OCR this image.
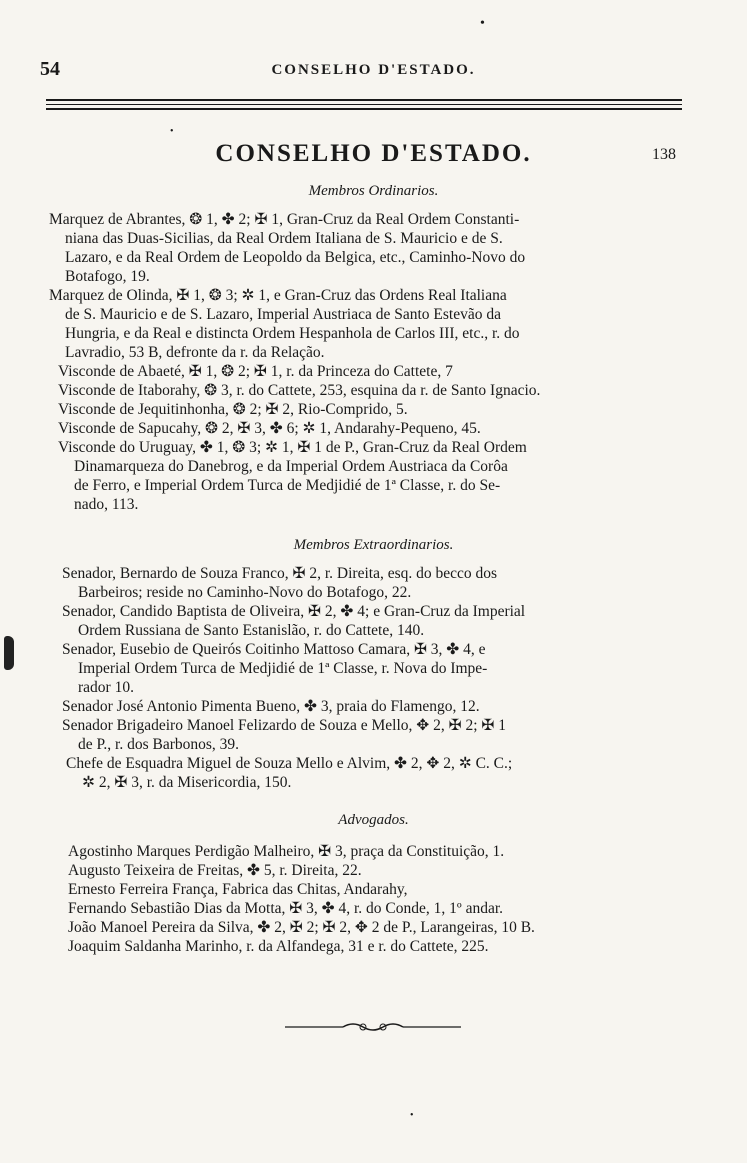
54	CONSELHO D'ESTADO.
•
•
CONSELHO D'ESTADO.	138
Membros Ordinarios.
Marquez de Abrantes, ❂ 1, ✤ 2; ✠ 1, Gran-Cruz da Real Ordem Constanti-
niana das Duas-Sicilias, da Real Ordem Italiana de S. Mauricio e de S.
Lazaro, e da Real Ordem de Leopoldo da Belgica, etc., Caminho-Novo do
Botafogo, 19.
Marquez de Olinda, ✠ 1, ❂ 3; ✲ 1, e Gran-Cruz das Ordens Real Italiana
de S. Mauricio e de S. Lazaro, Imperial Austriaca de Santo Estevão da
Hungria, e da Real e distincta Ordem Hespanhola de Carlos III, etc., r. do
Lavradio, 53 B, defronte da r. da Relação.
Visconde de Abaeté, ✠ 1, ❂ 2; ✠ 1, r. da Princeza do Cattete, 7
Visconde de Itaborahy, ❂ 3, r. do Cattete, 253, esquina da r. de Santo Ignacio.
Visconde de Jequitinhonha, ❂ 2; ✠ 2, Rio-Comprido, 5.
Visconde de Sapucahy, ❂ 2, ✠ 3, ✤ 6; ✲ 1, Andarahy-Pequeno, 45.
Visconde do Uruguay, ✤ 1, ❂ 3; ✲ 1, ✠ 1 de P., Gran-Cruz da Real Ordem
Dinamarqueza do Danebrog, e da Imperial Ordem Austriaca da Corôa
de Ferro, e Imperial Ordem Turca de Medjidié de 1ª Classe, r. do Se-
nado, 113.
Membros Extraordinarios.
Senador, Bernardo de Souza Franco, ✠ 2, r. Direita, esq. do becco dos
Barbeiros; reside no Caminho-Novo do Botafogo, 22.
Senador, Candido Baptista de Oliveira, ✠ 2, ✤ 4; e Gran-Cruz da Imperial
Ordem Russiana de Santo Estanislão, r. do Cattete, 140.
Senador, Eusebio de Queirós Coitinho Mattoso Camara, ✠ 3, ✤ 4, e
Imperial Ordem Turca de Medjidié de 1ª Classe, r. Nova do Impe-
rador 10.
Senador José Antonio Pimenta Bueno, ✤ 3, praia do Flamengo, 12.
Senador Brigadeiro Manoel Felizardo de Souza e Mello, ✥ 2, ✠ 2; ✠ 1
de P., r. dos Barbonos, 39.
Chefe de Esquadra Miguel de Souza Mello e Alvim, ✤ 2, ✥ 2, ✲ C. C.;
✲ 2, ✠ 3, r. da Misericordia, 150.
Advogados.
Agostinho Marques Perdigão Malheiro, ✠ 3, praça da Constituição, 1.
Augusto Teixeira de Freitas, ✤ 5, r. Direita, 22.
Ernesto Ferreira França, Fabrica das Chitas, Andarahy,
Fernando Sebastião Dias da Motta, ✠ 3, ✤ 4, r. do Conde, 1, 1º andar.
João Manoel Pereira da Silva, ✤ 2, ✠ 2; ✠ 2, ✥ 2 de P., Larangeiras, 10 B.
Joaquim Saldanha Marinho, r. da Alfandega, 31 e r. do Cattete, 225.
•
